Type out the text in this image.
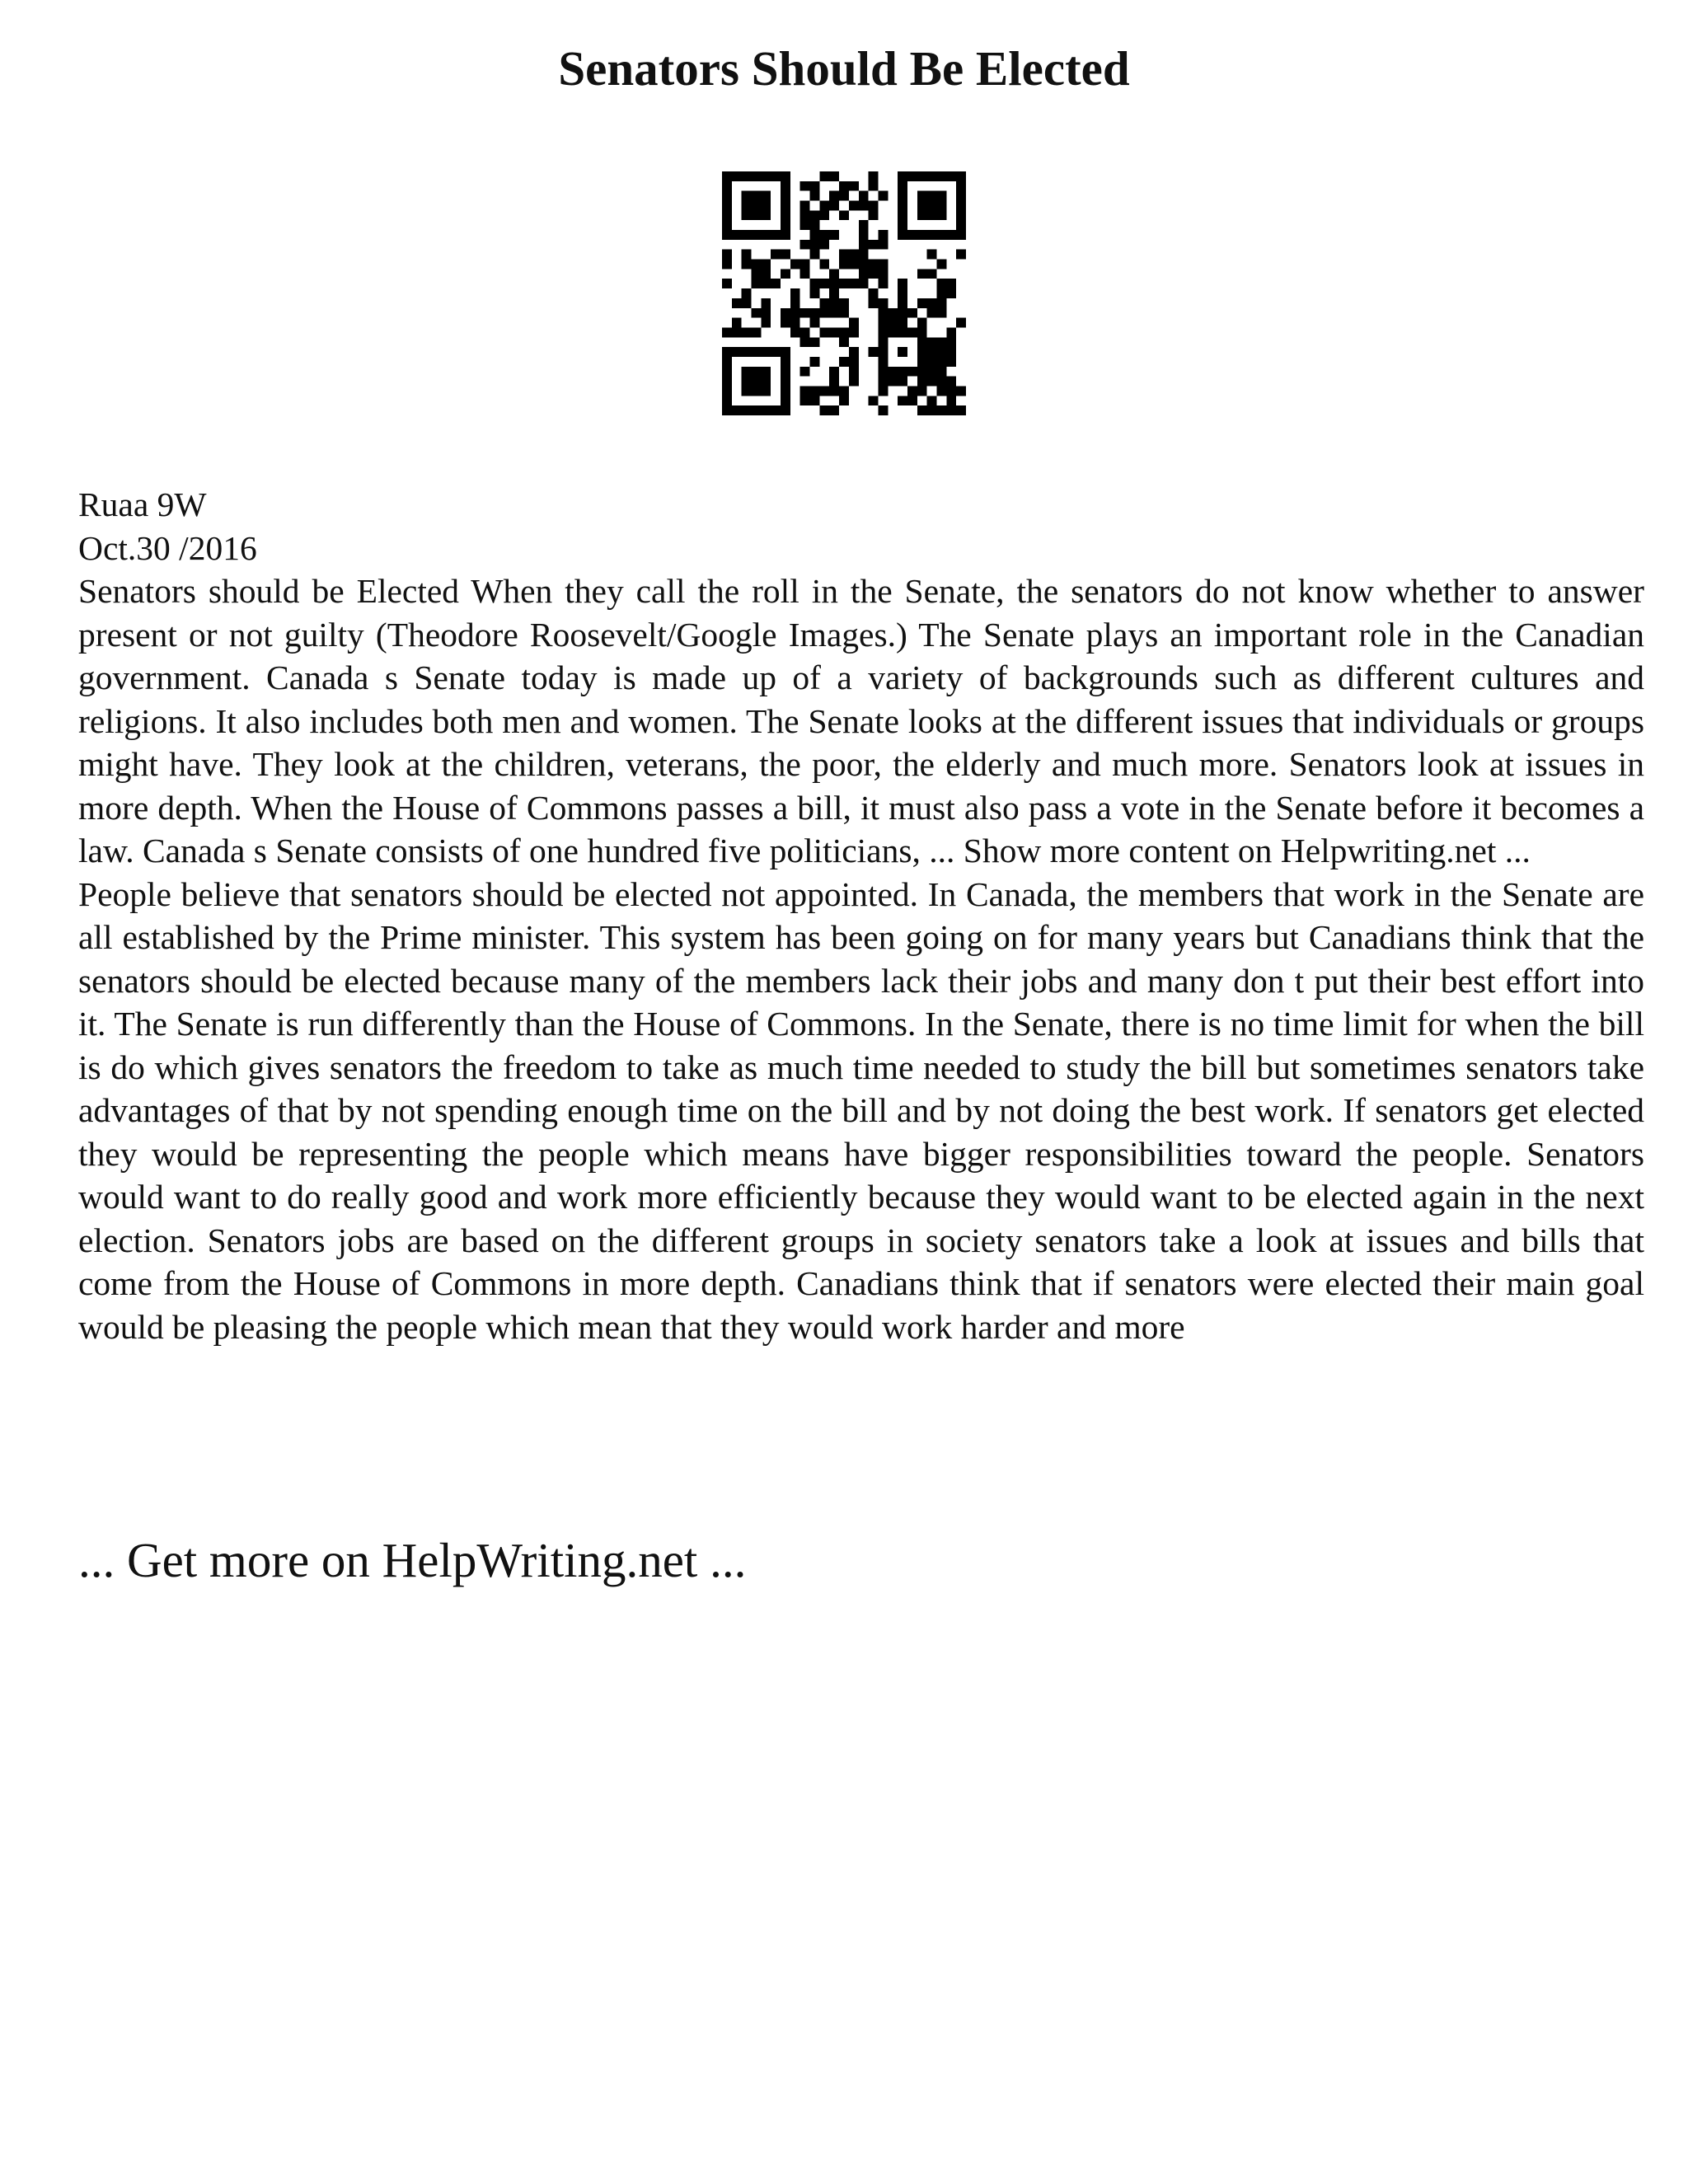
Senators Should Be Elected

Ruaa 9W

Oct.30 /2016

Senators should be Elected When they call the roll in the Senate, the senators do not know whether to answer present or not guilty (Theodore Roosevelt/Google Images.) The Senate plays an important role in the Canadian government. Canada s Senate today is made up of a variety of backgrounds such as different cultures and religions. It also includes both men and women. The Senate looks at the different issues that individuals or groups might have. They look at the children, veterans, the poor, the elderly and much more. Senators look at issues in more depth. When the House of Commons passes a bill, it must also pass a vote in the Senate before it becomes a law. Canada s Senate consists of one hundred five politicians, ... Show more content on Helpwriting.net ...

People believe that senators should be elected not appointed. In Canada, the members that work in the Senate are all established by the Prime minister. This system has been going on for many years but Canadians think that the senators should be elected because many of the members lack their jobs and many don t put their best effort into it. The Senate is run differently than the House of Commons. In the Senate, there is no time limit for when the bill is do which gives senators the freedom to take as much time needed to study the bill but sometimes senators take advantages of that by not spending enough time on the bill and by not doing the best work. If senators get elected they would be representing the people which means have bigger responsibilities toward the people. Senators would want to do really good and work more efficiently because they would want to be elected again in the next election. Senators jobs are based on the different groups in society senators take a look at issues and bills that come from the House of Commons in more depth. Canadians think that if senators were elected their main goal would be pleasing the people which mean that they would work harder and more

... Get more on HelpWriting.net ...
